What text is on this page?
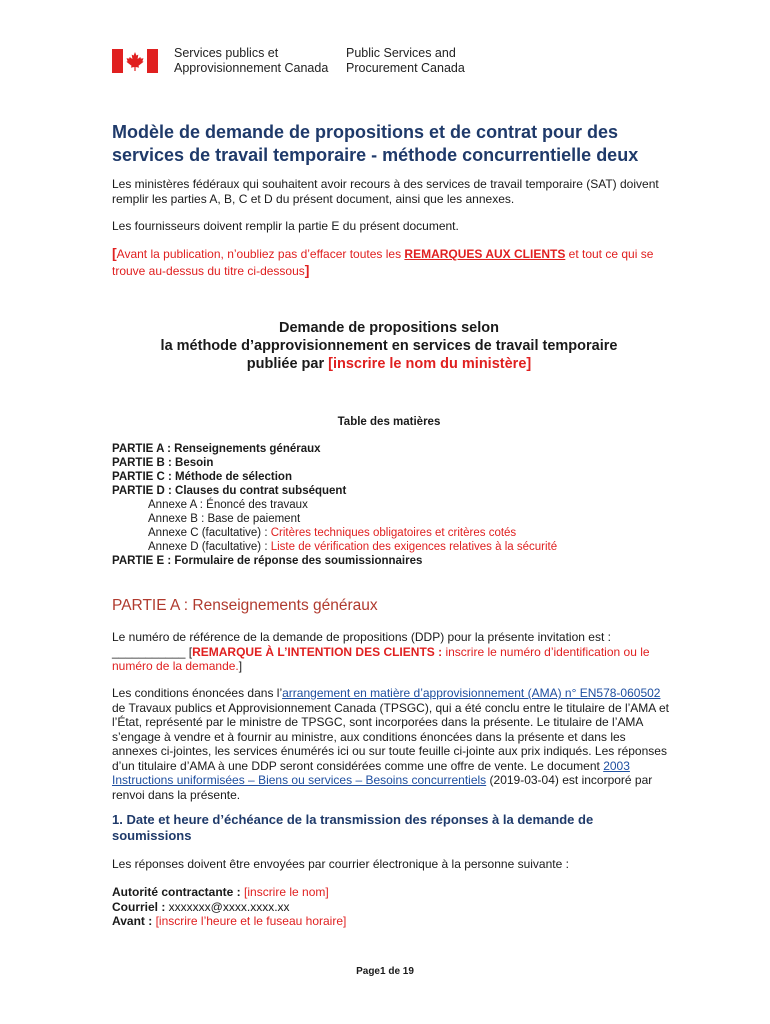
Services publics et
Approvisionnement Canada
Public Services and
Procurement Canada
Modèle de demande de propositions et de contrat pour des services de travail temporaire - méthode concurrentielle deux

Les ministères fédéraux qui souhaitent avoir recours à des services de travail temporaire (SAT) doivent remplir les parties A, B, C et D du présent document, ainsi que les annexes.

Les fournisseurs doivent remplir la partie E du présent document.

[Avant la publication, n’oubliez pas d’effacer toutes les REMARQUES AUX CLIENTS et tout ce qui se trouve au-dessus du titre ci-dessous]

Demande de propositions selon
la méthode d’approvisionnement en services de travail temporaire
publiée par [inscrire le nom du ministère]
Table des matières
PARTIE A : Renseignements généraux
PARTIE B : Besoin
PARTIE C : Méthode de sélection
PARTIE D : Clauses du contrat subséquent
Annexe A : Énoncé des travaux
Annexe B : Base de paiement
Annexe C (facultative) : Critères techniques obligatoires et critères cotés
Annexe D (facultative) : Liste de vérification des exigences relatives à la sécurité
PARTIE E : Formulaire de réponse des soumissionnaires
PARTIE A : Renseignements généraux

Le numéro de référence de la demande de propositions (DDP) pour la présente invitation est : ___________ [REMARQUE À L’INTENTION DES CLIENTS : inscrire le numéro d’identification ou le numéro de la demande.]

Les conditions énoncées dans l’arrangement en matière d’approvisionnement (AMA) n° EN578-060502 de Travaux publics et Approvisionnement Canada (TPSGC), qui a été conclu entre le titulaire de l’AMA et l’État, représenté par le ministre de TPSGC, sont incorporées dans la présente. Le titulaire de l’AMA s’engage à vendre et à fournir au ministre, aux conditions énoncées dans la présente et dans les annexes ci-jointes, les services énumérés ici ou sur toute feuille ci-jointe aux prix indiqués. Les réponses d’un titulaire d’AMA à une DDP seront considérées comme une offre de vente. Le document 2003 Instructions uniformisées – Biens ou services – Besoins concurrentiels (2019-03-04) est incorporé par renvoi dans la présente.

1. Date et heure d’échéance de la transmission des réponses à la demande de soumissions

Les réponses doivent être envoyées par courrier électronique à la personne suivante :

Autorité contractante : [inscrire le nom]
Courriel : xxxxxxx@xxxx.xxxx.xx
Avant : [inscrire l’heure et le fuseau horaire]
Page1 de 19
